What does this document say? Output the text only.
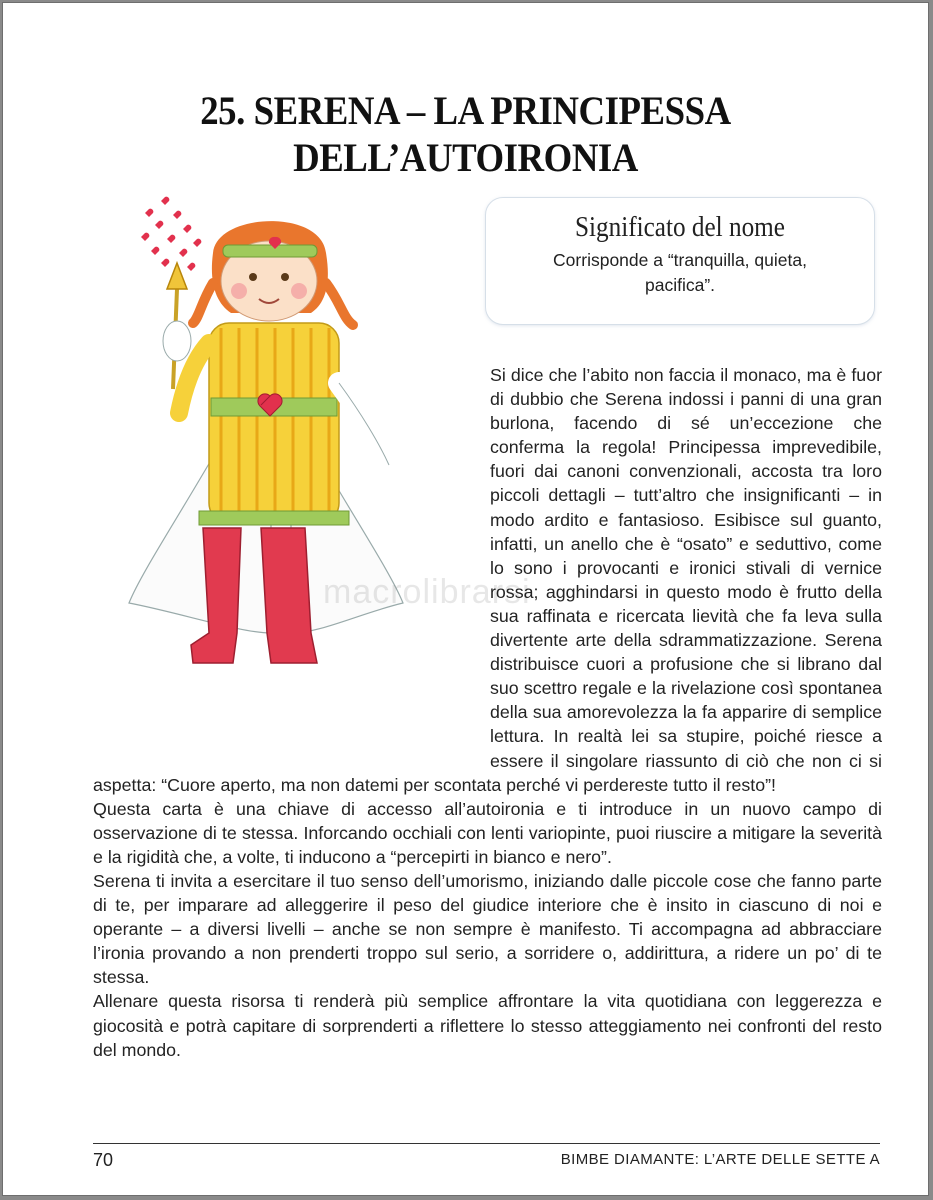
25. SERENA – LA PRINCIPESSA DELL’AUTOIRONIA
macrolibrarsi
Significato del nome
Corrisponde a “tranquilla, quieta, pacifica”.

Si dice che l’abito non faccia il monaco, ma è fuor di dubbio che Serena indossi i panni di una gran burlona, facendo di sé un’eccezione che conferma la regola! Principessa imprevedibile, fuori dai canoni convenzionali, accosta tra loro piccoli dettagli – tutt’altro che insignificanti – in modo ardito e fantasioso. Esibisce sul guanto, infatti, un anello che è “osato” e seduttivo, come lo sono i provocanti e ironici stivali di vernice rossa; agghindarsi in questo modo è frutto della sua raffinata e ricercata lievità che fa leva sulla divertente arte della sdrammatizzazione. Serena distribuisce cuori a profusione che si librano dal suo scettro regale e la rivelazione così spontanea della sua amorevolezza la fa apparire di semplice lettura. In realtà lei sa stupire, poiché riesce a essere il singolare riassunto di ciò che non ci si aspetta: “Cuore aperto, ma non datemi per scontata perché vi perdereste tutto il resto”!

Questa carta è una chiave di accesso all’autoironia e ti introduce in un nuovo campo di osservazione di te stessa. Inforcando occhiali con lenti variopinte, puoi riuscire a mitigare la severità e la rigidità che, a volte, ti inducono a “percepirti in bianco e nero”.

Serena ti invita a esercitare il tuo senso dell’umorismo, iniziando dalle piccole cose che fanno parte di te, per imparare ad alleggerire il peso del giudice interiore che è insito in ciascuno di noi e operante – a diversi livelli – anche se non sempre è manifesto. Ti accompagna ad abbracciare l’ironia provando a non prenderti troppo sul serio, a sorridere o, addirittura, a ridere un po’ di te stessa.

Allenare questa risorsa ti renderà più semplice affrontare la vita quotidiana con leggerezza e giocosità e potrà capitare di sorprenderti a riflettere lo stesso atteggiamento nei confronti del resto del mondo.

70	BIMBE DIAMANTE: L’ARTE DELLE SETTE A
